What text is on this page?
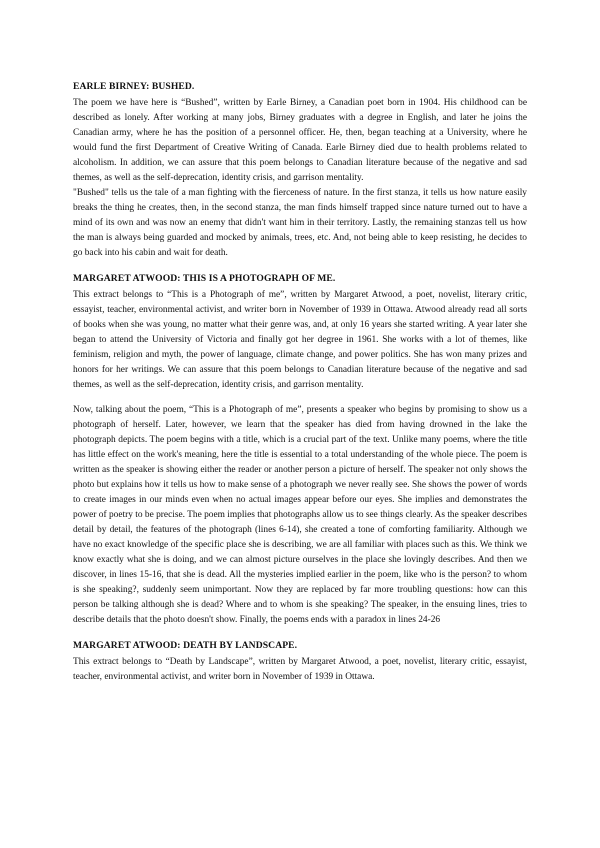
EARLE BIRNEY: BUSHED.

The poem we have here is “Bushed”, written by Earle Birney, a Canadian poet born in 1904. His childhood can be described as lonely. After working at many jobs, Birney graduates with a degree in English, and later he joins the Canadian army, where he has the position of a personnel officer. He, then, began teaching at a University, where he would fund the first Department of Creative Writing of Canada. Earle Birney died due to health problems related to alcoholism. In addition, we can assure that this poem belongs to Canadian literature because of the negative and sad themes, as well as the self-deprecation, identity crisis, and garrison mentality.

"Bushed" tells us the tale of a man fighting with the fierceness of nature. In the first stanza, it tells us how nature easily breaks the thing he creates, then, in the second stanza, the man finds himself trapped since nature turned out to have a mind of its own and was now an enemy that didn't want him in their territory. Lastly, the remaining stanzas tell us how the man is always being guarded and mocked by animals, trees, etc. And, not being able to keep resisting, he decides to go back into his cabin and wait for death.

MARGARET ATWOOD: THIS IS A PHOTOGRAPH OF ME.

This extract belongs to “This is a Photograph of me”, written by Margaret Atwood, a poet, novelist, literary critic, essayist, teacher, environmental activist, and writer born in November of 1939 in Ottawa. Atwood already read all sorts of books when she was young, no matter what their genre was, and, at only 16 years she started writing. A year later she began to attend the University of Victoria and finally got her degree in 1961. She works with a lot of themes, like feminism, religion and myth, the power of language, climate change, and power politics. She has won many prizes and honors for her writings. We can assure that this poem belongs to Canadian literature because of the negative and sad themes, as well as the self-deprecation, identity crisis, and garrison mentality.

Now, talking about the poem, “This is a Photograph of me”, presents a speaker who begins by promising to show us a photograph of herself. Later, however, we learn that the speaker has died from having drowned in the lake the photograph depicts. The poem begins with a title, which is a crucial part of the text. Unlike many poems, where the title has little effect on the work's meaning, here the title is essential to a total understanding of the whole piece. The poem is written as the speaker is showing either the reader or another person a picture of herself. The speaker not only shows the photo but explains how it tells us how to make sense of a photograph we never really see. She shows the power of words to create images in our minds even when no actual images appear before our eyes. She implies and demonstrates the power of poetry to be precise. The poem implies that photographs allow us to see things clearly. As the speaker describes detail by detail, the features of the photograph (lines 6-14), she created a tone of comforting familiarity. Although we have no exact knowledge of the specific place she is describing, we are all familiar with places such as this. We think we know exactly what she is doing, and we can almost picture ourselves in the place she lovingly describes. And then we discover, in lines 15-16, that she is dead. All the mysteries implied earlier in the poem, like who is the person? to whom is she speaking?, suddenly seem unimportant. Now they are replaced by far more troubling questions: how can this person be talking although she is dead? Where and to whom is she speaking? The speaker, in the ensuing lines, tries to describe details that the photo doesn't show. Finally, the poems ends with a paradox in lines 24-26

MARGARET ATWOOD: DEATH BY LANDSCAPE.

This extract belongs to “Death by Landscape”, written by Margaret Atwood, a poet, novelist, literary critic, essayist, teacher, environmental activist, and writer born in November of 1939 in Ottawa.
